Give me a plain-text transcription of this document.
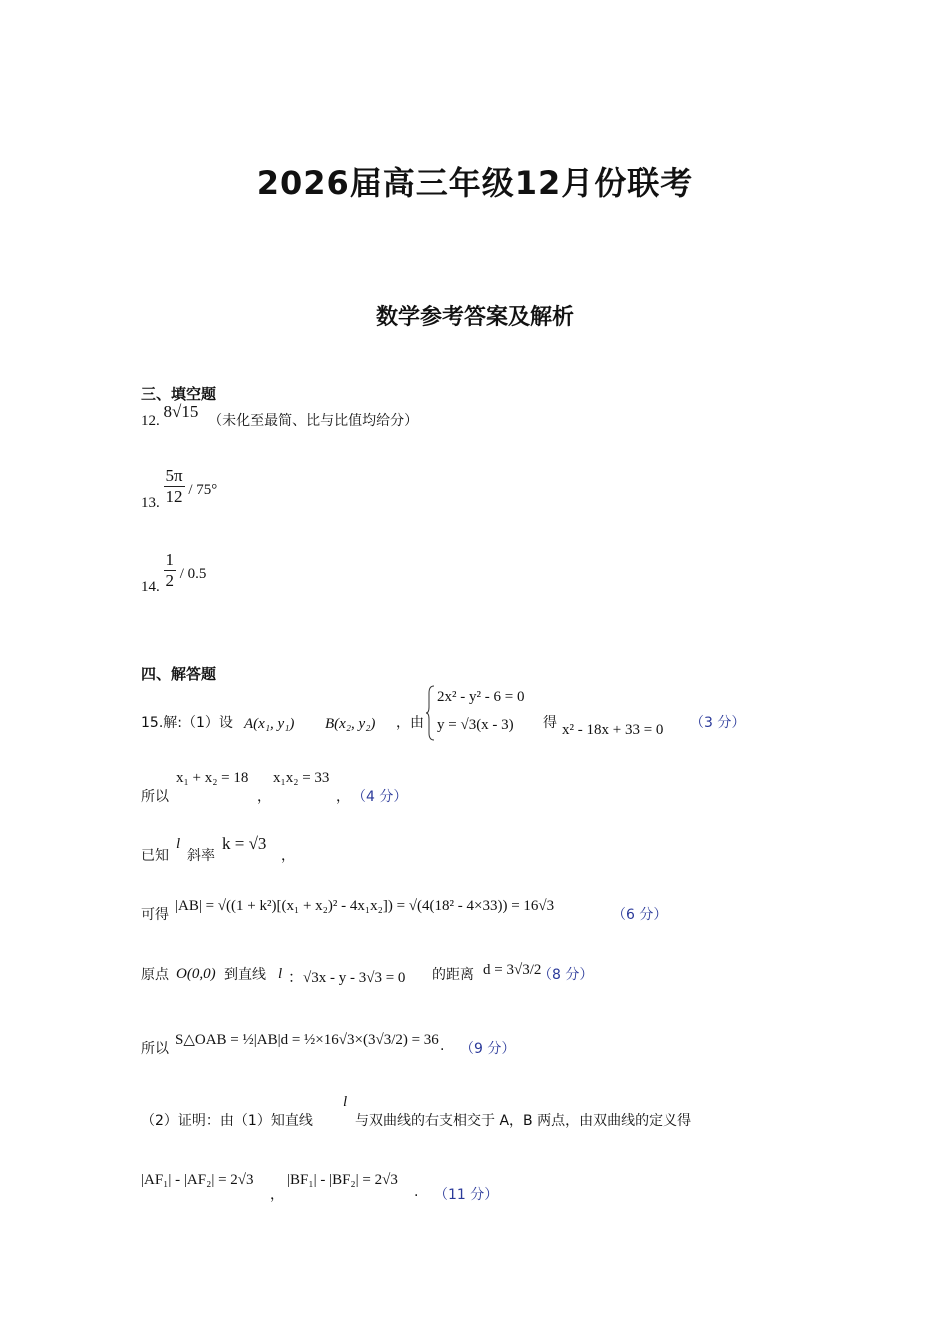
2026届高三年级12月份联考
数学参考答案及解析
三、填空题
12. 8√15 （未化至最简、比与比值均给分）
13. $\frac{5\pi}{12} / 75^\circ$
14. $\frac{1}{2} / 0.5$
四、解答题
15.解:（1）设 A(x₁, y₁) B(x₂, y₂) ，由
2x² - y² - 6 = 0
y = √3(x - 3) 得 x² - 18x + 33 = 0 （3 分）
所以
x₁ + x₂ = 18
，
x₁x₂ = 33
， （4 分）
已知
l
斜率
k = √3
，
可得
|AB| = √((1 + k²)[(x₁ + x₂)² - 4x₁x₂]) = √(4(18² - 4×33)) = 16√3
（6 分）
原点 O(0,0) 到直线 l ：√3x - y - 3√3 = 0 的距离 d = 3√3/2
（8 分）
所以
S△OAB = ½|AB|d = ½×16√3×(3√3/2) = 36 . （9 分）
（2）证明：由（1）知直线
l
与双曲线的右支相交于 A，B 两点，由双曲线的定义得
|AF₁| - |AF₂| = 2√3
，
|BF₁| - |BF₂| = 2√3
. （11 分）
